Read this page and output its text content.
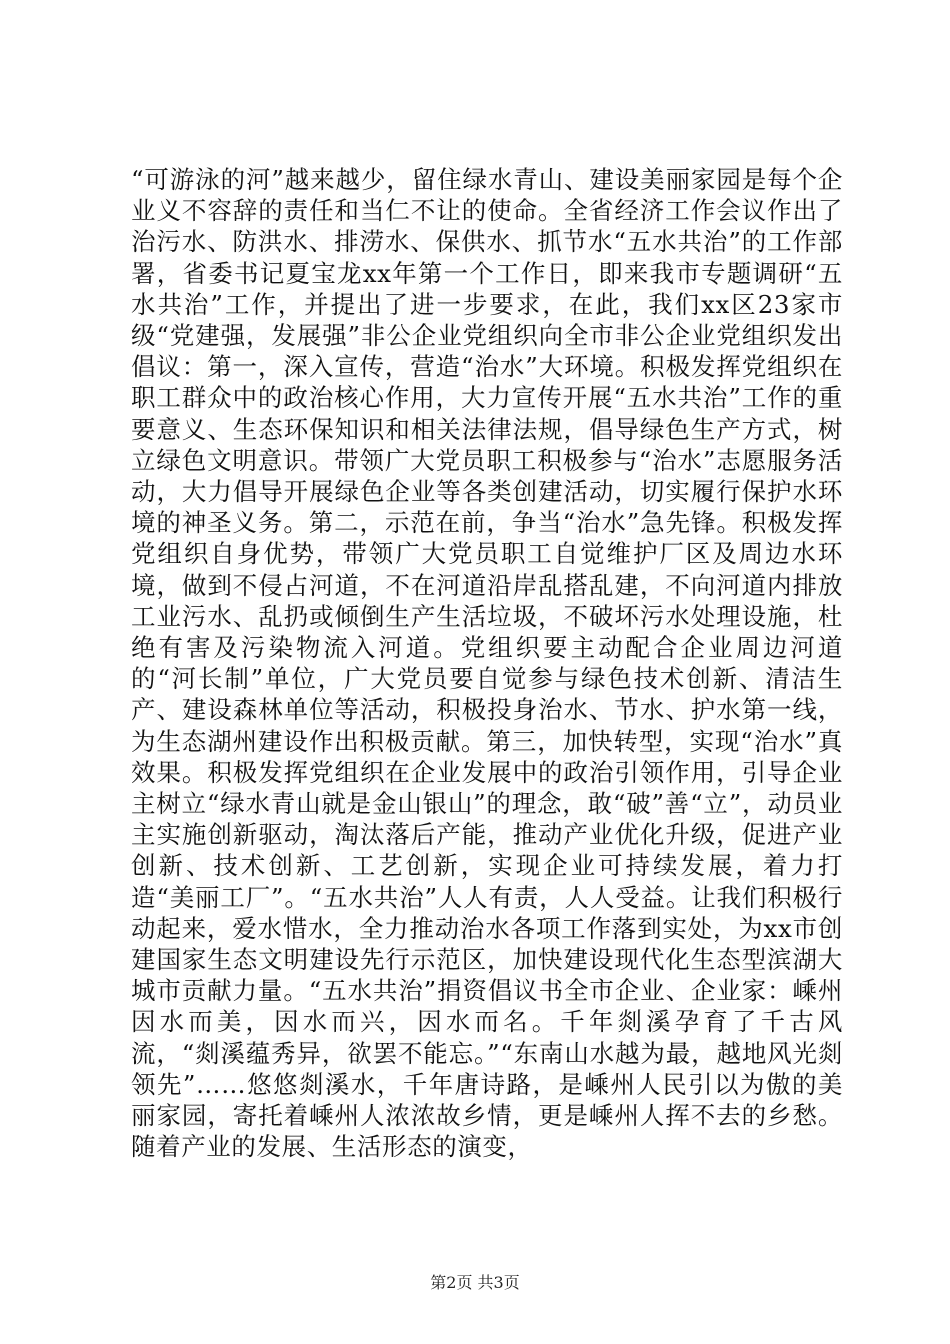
“可游泳的河”越来越少，留住绿水青山、建设美丽家园是每个企业义不容辞的责任和当仁不让的使命。全省经济工作会议作出了治污水、防洪水、排涝水、保供水、抓节水“五水共治”的工作部署，省委书记夏宝龙xx年第一个工作日，即来我市专题调研“五水共治”工作，并提出了进一步要求，在此，我们xx区23家市级“党建强，发展强”非公企业党组织向全市非公企业党组织发出倡议：第一，深入宣传，营造“治水”大环境。积极发挥党组织在职工群众中的政治核心作用，大力宣传开展“五水共治”工作的重要意义、生态环保知识和相关法律法规，倡导绿色生产方式，树立绿色文明意识。带领广大党员职工积极参与“治水”志愿服务活动，大力倡导开展绿色企业等各类创建活动，切实履行保护水环境的神圣义务。第二，示范在前，争当“治水”急先锋。积极发挥党组织自身优势，带领广大党员职工自觉维护厂区及周边水环境，做到不侵占河道，不在河道沿岸乱搭乱建，不向河道内排放工业污水、乱扔或倾倒生产生活垃圾，不破坏污水处理设施，杜绝有害及污染物流入河道。党组织要主动配合企业周边河道的“河长制”单位，广大党员要自觉参与绿色技术创新、清洁生产、建设森林单位等活动，积极投身治水、节水、护水第一线，为生态湖州建设作出积极贡献。第三，加快转型，实现“治水”真效果。积极发挥党组织在企业发展中的政治引领作用，引导企业主树立“绿水青山就是金山银山”的理念，敢“破”善“立”，动员业主实施创新驱动，淘汰落后产能，推动产业优化升级，促进产业创新、技术创新、工艺创新，实现企业可持续发展，着力打造“美丽工厂”。“五水共治”人人有责，人人受益。让我们积极行动起来，爱水惜水，全力推动治水各项工作落到实处，为xx市创建国家生态文明建设先行示范区，加快建设现代化生态型滨湖大城市贡献力量。“五水共治”捐资倡议书全市企业、企业家：嵊州因水而美，因水而兴，因水而名。千年剡溪孕育了千古风流，“剡溪蕴秀异，欲罢不能忘。”“东南山水越为最，越地风光剡领先”……悠悠剡溪水，千年唐诗路，是嵊州人民引以为傲的美丽家园，寄托着嵊州人浓浓故乡情，更是嵊州人挥不去的乡愁。随着产业的发展、生活形态的演变，
第2页 共3页
